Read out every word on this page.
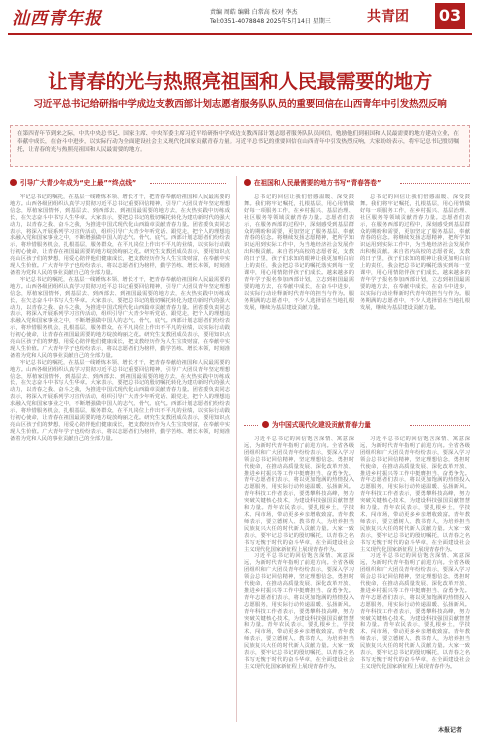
汕西青年报	责编 周皓 编辑 白常高 校对 李杰
Tel:0351-4078848 2025年5月14日 星期三	共青团 03
让青春的光与热照亮祖国和人民最需要的地方
习近平总书记给研指中学成边支教西部计划志愿者服务队队员的重要回信在山西青年中引发热烈反响
在第四青年节到来之际，中共中央总书记、国家主席、中央军委主席习近平给研指中学成边支教西部计划志愿者服务队队员回信，勉励他们到祖国和人民最需要的地方建功立业，在奉献中成长，在奋斗中进步，以实际行动为全面建设社会主义现代化国家贡献青春力量。习近平总书记的重要回信在山西青年中引发热烈反响，大家纷纷表示，将牢记总书记殷切嘱托，让青春的光与热照亮祖国和人民最需要的地方。
引导广大青少年成为“史上最”“终点线”	在祖国和人民最需要的地方书写“青春答卷”

牢记总书记的嘱托，在基层一线锤炼本领、增长才干，把青春奉献给祖国和人民最需要的地方。山西各级团组织认真学习贯彻习近平总书记重要回信精神，引导广大团员青年坚定理想信念，厚植家国情怀，到基层去、到西部去、到祖国最需要的地方去，在火热实践中历练成长，在矢志奋斗中书写人生华章。大家表示，要把总书记的殷切嘱托转化为建功新时代的强大动力，以青春之我、奋斗之我，为推进中国式现代化山西篇章贡献青春力量。团省委负责同志表示，将深入开展系列学习宣传活动，组织引导广大青少年听党话、跟党走，把个人的理想追求融入党和国家事业之中，不断增强做中国人的志气、骨气、底气。西部计划志愿者们纷纷表示，将珍惜服务机会，扎根基层，服务群众，在平凡岗位上作出不平凡的业绩，以实际行动践行初心使命，让青春在祖国最需要的地方绽放绚丽之花。研究生支教团成员表示，要用知识点亮山区孩子们的梦想，用爱心陪伴他们健康成长，把支教经历作为人生宝贵财富，在奉献中实现人生价值。广大青年学子也纷纷表示，将以志愿者们为榜样，勤学苦练、增长本领，时刻准备着为党和人民的事业贡献自己的全部力量。

牢记总书记的嘱托，在基层一线锤炼本领、增长才干，把青春奉献给祖国和人民最需要的地方。山西各级团组织认真学习贯彻习近平总书记重要回信精神，引导广大团员青年坚定理想信念，厚植家国情怀，到基层去、到西部去、到祖国最需要的地方去，在火热实践中历练成长，在矢志奋斗中书写人生华章。大家表示，要把总书记的殷切嘱托转化为建功新时代的强大动力，以青春之我、奋斗之我，为推进中国式现代化山西篇章贡献青春力量。团省委负责同志表示，将深入开展系列学习宣传活动，组织引导广大青少年听党话、跟党走，把个人的理想追求融入党和国家事业之中，不断增强做中国人的志气、骨气、底气。西部计划志愿者们纷纷表示，将珍惜服务机会，扎根基层，服务群众，在平凡岗位上作出不平凡的业绩，以实际行动践行初心使命，让青春在祖国最需要的地方绽放绚丽之花。研究生支教团成员表示，要用知识点亮山区孩子们的梦想，用爱心陪伴他们健康成长，把支教经历作为人生宝贵财富，在奉献中实现人生价值。广大青年学子也纷纷表示，将以志愿者们为榜样，勤学苦练、增长本领，时刻准备着为党和人民的事业贡献自己的全部力量。

牢记总书记的嘱托，在基层一线锤炼本领、增长才干，把青春奉献给祖国和人民最需要的地方。山西各级团组织认真学习贯彻习近平总书记重要回信精神，引导广大团员青年坚定理想信念，厚植家国情怀，到基层去、到西部去、到祖国最需要的地方去，在火热实践中历练成长，在矢志奋斗中书写人生华章。大家表示，要把总书记的殷切嘱托转化为建功新时代的强大动力，以青春之我、奋斗之我，为推进中国式现代化山西篇章贡献青春力量。团省委负责同志表示，将深入开展系列学习宣传活动，组织引导广大青少年听党话、跟党走，把个人的理想追求融入党和国家事业之中，不断增强做中国人的志气、骨气、底气。西部计划志愿者们纷纷表示，将珍惜服务机会，扎根基层，服务群众，在平凡岗位上作出不平凡的业绩，以实际行动践行初心使命，让青春在祖国最需要的地方绽放绚丽之花。研究生支教团成员表示，要用知识点亮山区孩子们的梦想，用爱心陪伴他们健康成长，把支教经历作为人生宝贵财富，在奉献中实现人生价值。广大青年学子也纷纷表示，将以志愿者们为榜样，勤学苦练、增长本领，时刻准备着为党和人民的事业贡献自己的全部力量。

总书记的回信让我们倍感温暖、深受鼓舞。我们将牢记嘱托，扎根基层，用心用情做好每一项服务工作，在乡村振兴、基层治理、社区服务等领域贡献青春力量。志愿者们表示，在服务西部的过程中，深刻感受到基层群众的期盼和需要，更加坚定了服务基层、奉献青春的信念。将继续发扬志愿精神，把所学知识运用到实际工作中，为当地经济社会发展作出积极贡献。来自省内高校的志愿者说，支教的日子里，孩子们求知的眼神让我更加明白肩上的责任，我会把总书记的嘱托落实到每一堂课中，用心用情陪伴孩子们成长。越来越多的青年学子报名参加西部计划，立志到祖国最需要的地方去，在奉献中成长，在奋斗中进步，以实际行动诠释新时代青年的担当与作为。服务期满的志愿者中，不少人选择留在当地扎根发展，继续为基层建设贡献力量。

总书记的回信让我们倍感温暖、深受鼓舞。我们将牢记嘱托，扎根基层，用心用情做好每一项服务工作，在乡村振兴、基层治理、社区服务等领域贡献青春力量。志愿者们表示，在服务西部的过程中，深刻感受到基层群众的期盼和需要，更加坚定了服务基层、奉献青春的信念。将继续发扬志愿精神，把所学知识运用到实际工作中，为当地经济社会发展作出积极贡献。来自省内高校的志愿者说，支教的日子里，孩子们求知的眼神让我更加明白肩上的责任，我会把总书记的嘱托落实到每一堂课中，用心用情陪伴孩子们成长。越来越多的青年学子报名参加西部计划，立志到祖国最需要的地方去，在奉献中成长，在奋斗中进步，以实际行动诠释新时代青年的担当与作为。服务期满的志愿者中，不少人选择留在当地扎根发展，继续为基层建设贡献力量。

为中国式现代化建设贡献青春力量

习近平总书记的回信饱含深情、寓意深远，为新时代青年指明了前进方向。全省各级团组织和广大团员青年纷纷表示，要深入学习领会总书记回信精神，坚定理想信念，勇担时代使命，在推动高质量发展、深化改革开放、推进乡村振兴等工作中挺膺担当、奋勇争先。青年志愿者们表示，将以更加饱满的热情投入志愿服务，用实际行动传递温暖、弘扬新风。青年科技工作者表示，要勇攀科技高峰，努力突破关键核心技术，为建设科技强国贡献智慧和力量。青年农民表示，要扎根乡土，学技术、闯市场，带动更多乡亲增收致富。青年教师表示，要立德树人、教书育人，为培养担当民族复兴大任的时代新人贡献力量。大家一致表示，要牢记总书记的殷切嘱托，以青春之名书写无愧于时代的奋斗华章，在全面建设社会主义现代化国家新征程上展现青春作为。

习近平总书记的回信饱含深情、寓意深远，为新时代青年指明了前进方向。全省各级团组织和广大团员青年纷纷表示，要深入学习领会总书记回信精神，坚定理想信念，勇担时代使命，在推动高质量发展、深化改革开放、推进乡村振兴等工作中挺膺担当、奋勇争先。青年志愿者们表示，将以更加饱满的热情投入志愿服务，用实际行动传递温暖、弘扬新风。青年科技工作者表示，要勇攀科技高峰，努力突破关键核心技术，为建设科技强国贡献智慧和力量。青年农民表示，要扎根乡土，学技术、闯市场，带动更多乡亲增收致富。青年教师表示，要立德树人、教书育人，为培养担当民族复兴大任的时代新人贡献力量。大家一致表示，要牢记总书记的殷切嘱托，以青春之名书写无愧于时代的奋斗华章，在全面建设社会主义现代化国家新征程上展现青春作为。

习近平总书记的回信饱含深情、寓意深远，为新时代青年指明了前进方向。全省各级团组织和广大团员青年纷纷表示，要深入学习领会总书记回信精神，坚定理想信念，勇担时代使命，在推动高质量发展、深化改革开放、推进乡村振兴等工作中挺膺担当、奋勇争先。青年志愿者们表示，将以更加饱满的热情投入志愿服务，用实际行动传递温暖、弘扬新风。青年科技工作者表示，要勇攀科技高峰，努力突破关键核心技术，为建设科技强国贡献智慧和力量。青年农民表示，要扎根乡土，学技术、闯市场，带动更多乡亲增收致富。青年教师表示，要立德树人、教书育人，为培养担当民族复兴大任的时代新人贡献力量。大家一致表示，要牢记总书记的殷切嘱托，以青春之名书写无愧于时代的奋斗华章，在全面建设社会主义现代化国家新征程上展现青春作为。

习近平总书记的回信饱含深情、寓意深远，为新时代青年指明了前进方向。全省各级团组织和广大团员青年纷纷表示，要深入学习领会总书记回信精神，坚定理想信念，勇担时代使命，在推动高质量发展、深化改革开放、推进乡村振兴等工作中挺膺担当、奋勇争先。青年志愿者们表示，将以更加饱满的热情投入志愿服务，用实际行动传递温暖、弘扬新风。青年科技工作者表示，要勇攀科技高峰，努力突破关键核心技术，为建设科技强国贡献智慧和力量。青年农民表示，要扎根乡土，学技术、闯市场，带动更多乡亲增收致富。青年教师表示，要立德树人、教书育人，为培养担当民族复兴大任的时代新人贡献力量。大家一致表示，要牢记总书记的殷切嘱托，以青春之名书写无愧于时代的奋斗华章，在全面建设社会主义现代化国家新征程上展现青春作为。

本报记者
